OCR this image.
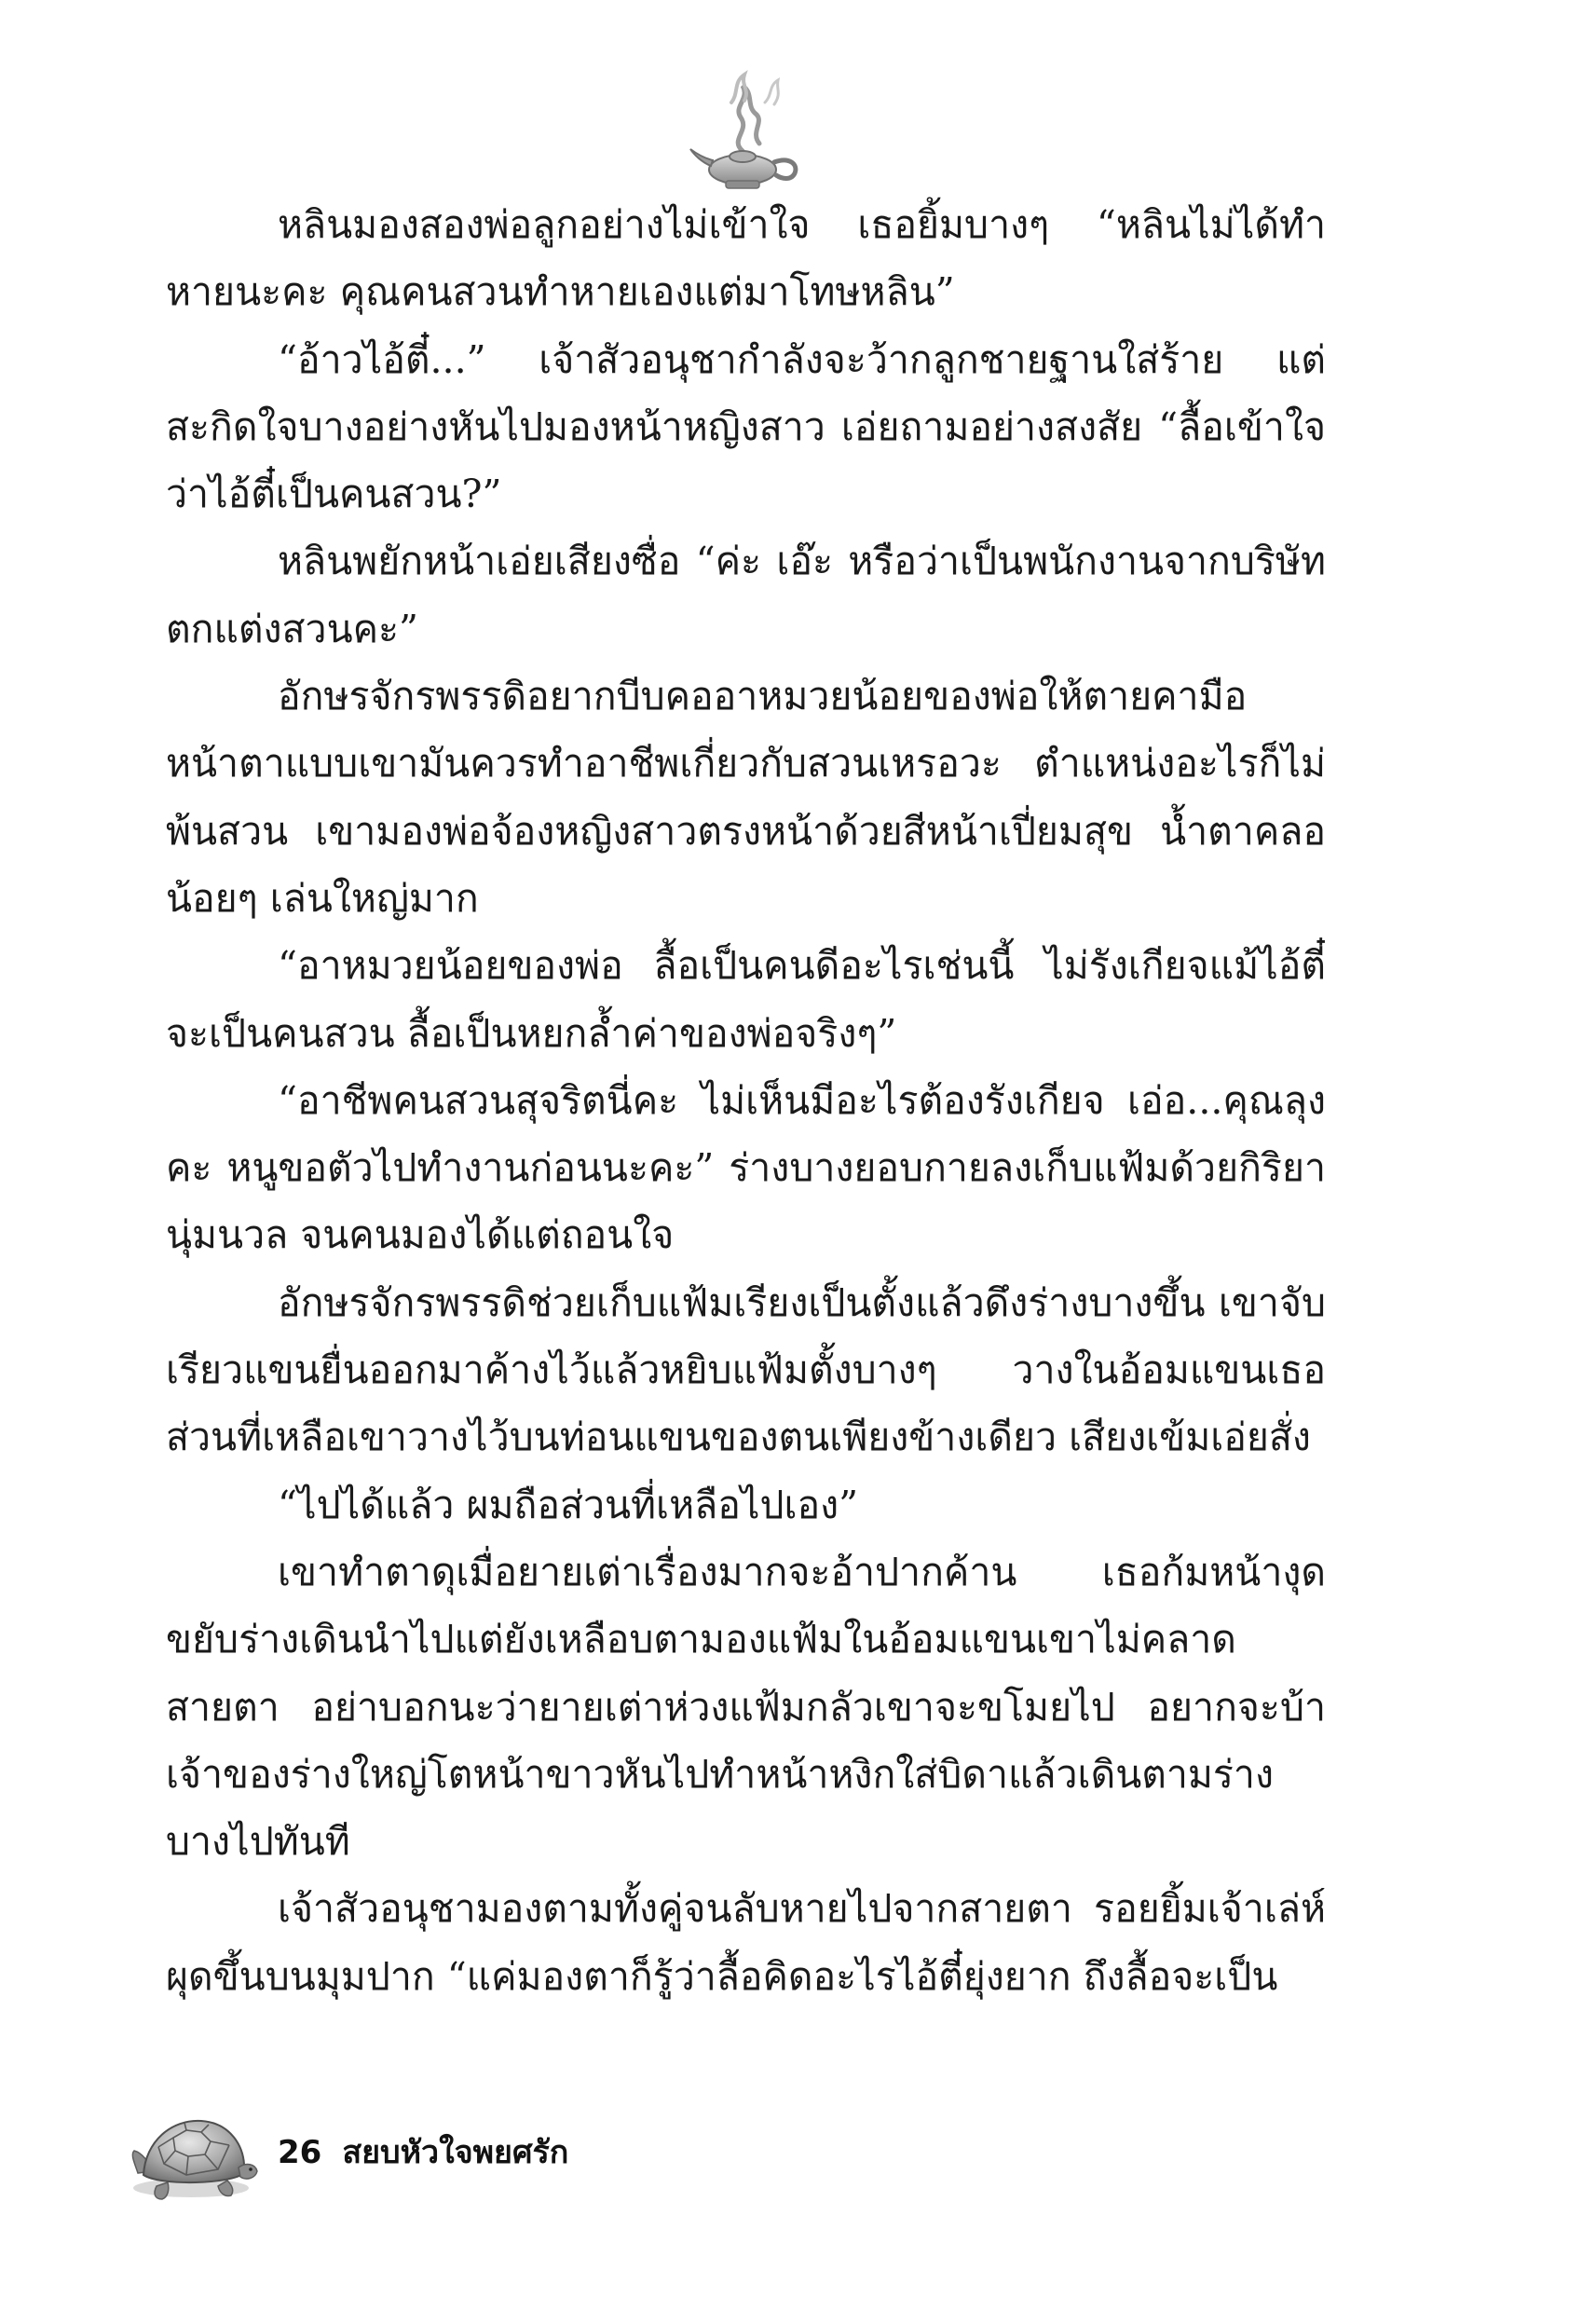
หลินมองสองพ่อลูกอย่างไม่เข้าใจ เธอยิ้มบางๆ “หลินไม่ได้ทำหายนะคะ คุณคนสวนทำหายเองแต่มาโทษหลิน”

“อ้าวไอ้ตี๋...” เจ้าสัวอนุชากำลังจะว้ากลูกชายฐานใส่ร้าย แต่สะกิดใจบางอย่างหันไปมองหน้าหญิงสาว เอ่ยถามอย่างสงสัย “ลื้อเข้าใจว่าไอ้ตี๋เป็นคนสวน?”

หลินพยักหน้าเอ่ยเสียงซื่อ “ค่ะ เอ๊ะ หรือว่าเป็นพนักงานจากบริษัทตกแต่งสวนคะ”

อักษรจักรพรรดิอยากบีบคออาหมวยน้อยของพ่อให้ตายคามือ หน้าตาแบบเขามันควรทำอาชีพเกี่ยวกับสวนเหรอวะ ตำแหน่งอะไรก็ไม่พ้นสวน เขามองพ่อจ้องหญิงสาวตรงหน้าด้วยสีหน้าเปี่ยมสุข น้ำตาคลอน้อยๆ เล่นใหญ่มาก

“อาหมวยน้อยของพ่อ ลื้อเป็นคนดีอะไรเช่นนี้ ไม่รังเกียจแม้ไอ้ตี๋จะเป็นคนสวน ลื้อเป็นหยกล้ำค่าของพ่อจริงๆ”

“อาชีพคนสวนสุจริตนี่คะ ไม่เห็นมีอะไรต้องรังเกียจ เอ่อ...คุณลุงคะ หนูขอตัวไปทำงานก่อนนะคะ” ร่างบางยอบกายลงเก็บแฟ้มด้วยกิริยานุ่มนวล จนคนมองได้แต่ถอนใจ

อักษรจักรพรรดิช่วยเก็บแฟ้มเรียงเป็นตั้งแล้วดึงร่างบางขึ้น เขาจับเรียวแขนยื่นออกมาค้างไว้แล้วหยิบแฟ้มตั้งบางๆ วางในอ้อมแขนเธอส่วนที่เหลือเขาวางไว้บนท่อนแขนของตนเพียงข้างเดียว เสียงเข้มเอ่ยสั่ง

“ไปได้แล้ว ผมถือส่วนที่เหลือไปเอง”

เขาทำตาดุเมื่อยายเต่าเรื่องมากจะอ้าปากค้าน เธอก้มหน้างุด ขยับร่างเดินนำไปแต่ยังเหลือบตามองแฟ้มในอ้อมแขนเขาไม่คลาดสายตา อย่าบอกนะว่ายายเต่าห่วงแฟ้มกลัวเขาจะขโมยไป อยากจะบ้า เจ้าของร่างใหญ่โตหน้าขาวหันไปทำหน้าหงิกใส่บิดาแล้วเดินตามร่างบางไปทันที

เจ้าสัวอนุชามองตามทั้งคู่จนลับหายไปจากสายตา รอยยิ้มเจ้าเล่ห์ผุดขึ้นบนมุมปาก “แค่มองตาก็รู้ว่าลื้อคิดอะไรไอ้ตี๋ยุ่งยาก ถึงลื้อจะเป็น

26 สยบหัวใจพยศรัก
